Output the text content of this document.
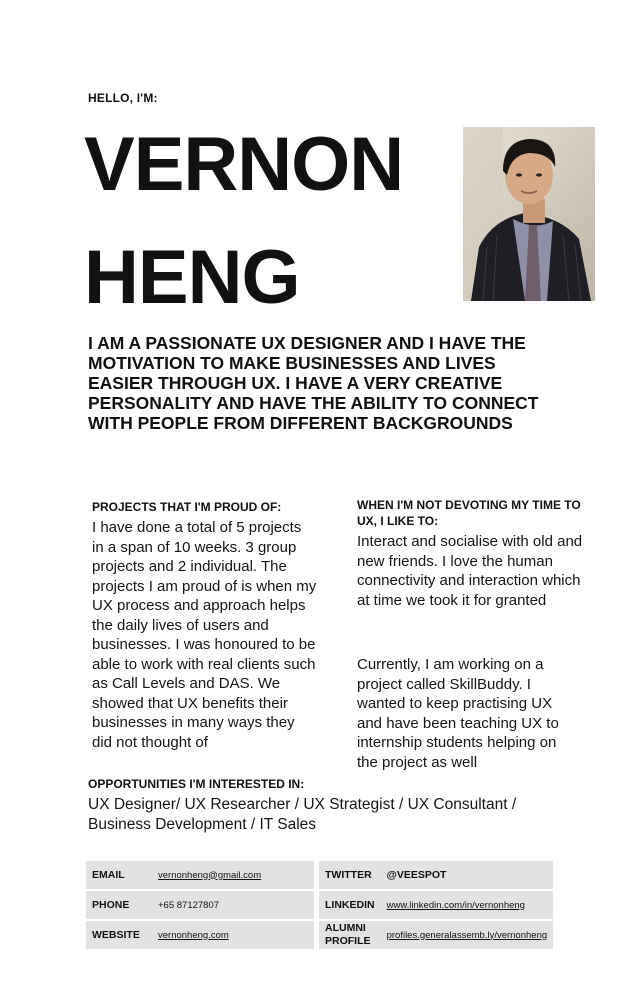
HELLO, I'M:
VERNON
HENG
I AM A PASSIONATE UX DESIGNER AND I HAVE THE MOTIVATION TO MAKE BUSINESSES AND LIVES EASIER THROUGH UX. I HAVE A VERY CREATIVE PERSONALITY AND HAVE THE ABILITY TO CONNECT WITH PEOPLE FROM DIFFERENT BACKGROUNDS
PROJECTS THAT I'M PROUD OF:
I have done a total of 5 projects in a span of 10 weeks. 3 group projects and 2 individual. The projects I am proud of is when my UX process and approach helps the daily lives of users and businesses. I was honoured to be able to work with real clients such as Call Levels and DAS. We showed that UX benefits their businesses in many ways they did not thought of
WHEN I'M NOT DEVOTING MY TIME TO UX, I LIKE TO:
Interact and socialise with old and new friends. I love the human connectivity and interaction which at time we took it for granted
Currently, I am working on a project called SkillBuddy. I wanted to keep practising UX and have been teaching UX to internship students helping on the project as well
OPPORTUNITIES I'M INTERESTED IN:
UX Designer/ UX Researcher / UX Strategist / UX Consultant / Business Development / IT Sales
EMAIL	vernonheng@gmail.com
PHONE	+65 87127807
WEBSITE	vernonheng.com
TWITTER	@VEESPOT
LINKEDIN	www.linkedin.com/in/vernonheng
ALUMNI PROFILE	profiles.generalassemb.ly/vernonheng
